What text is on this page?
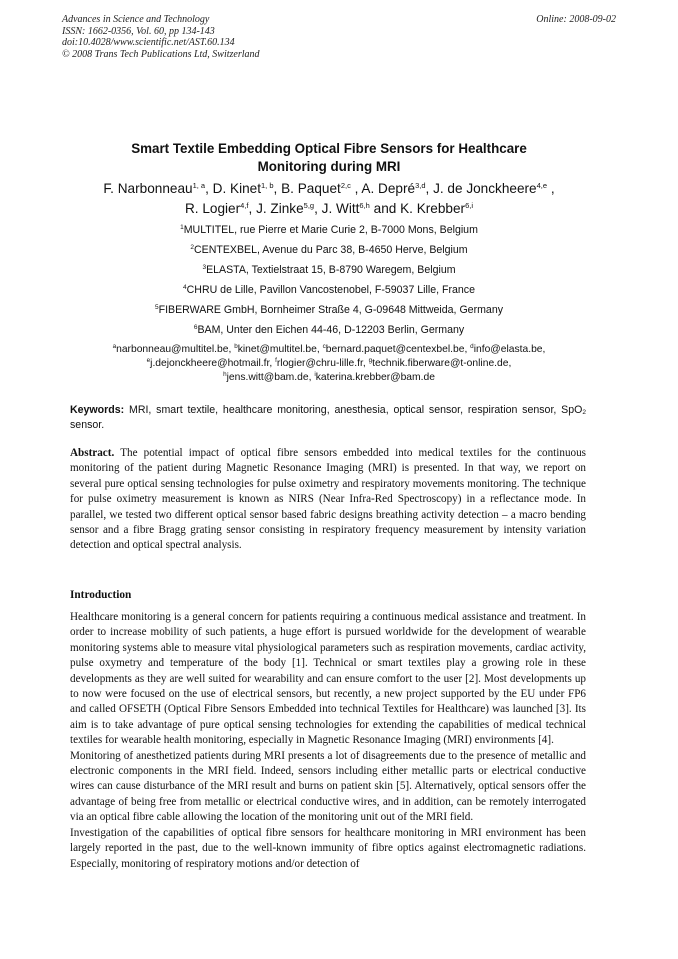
Advances in Science and Technology
ISSN: 1662-0356, Vol. 60, pp 134-143
doi:10.4028/www.scientific.net/AST.60.134
© 2008 Trans Tech Publications Ltd, Switzerland
Online: 2008-09-02
Smart Textile Embedding Optical Fibre Sensors for Healthcare
Monitoring during MRI
F. Narbonneau$^{1, a}$, D. Kinet$^{1, b}$, B. Paquet$^{2,c}$ , A. Depré$^{3,d}$, J. de Jonckheere$^{4,e}$ ,
R. Logier$^{4,f}$, J. Zinke$^{5,g}$, J. Witt$^{6,h}$ and K. Krebber$^{6,i}$
$^1$MULTITEL, rue Pierre et Marie Curie 2, B-7000 Mons, Belgium
$^2$CENTEXBEL, Avenue du Parc 38, B-4650 Herve, Belgium
$^3$ELASTA, Textielstraat 15, B-8790 Waregem, Belgium
$^4$CHRU de Lille, Pavillon Vancostenobel, F-59037 Lille, France
$^5$FIBERWARE GmbH, Bornheimer Straße 4, G-09648 Mittweida, Germany
$^6$BAM, Unter den Eichen 44-46, D-12203 Berlin, Germany
$^a$narbonneau@multitel.be, $^b$kinet@multitel.be, $^c$bernard.paquet@centexbel.be, $^d$info@elasta.be,
$^e$j.dejonckheere@hotmail.fr, $^f$rlogier@chru-lille.fr, $^g$technik.fiberware@t-online.de,
$^h$jens.witt@bam.de, $^i$katerina.krebber@bam.de
Keywords: MRI, smart textile, healthcare monitoring, anesthesia, optical sensor, respiration sensor, SpO$_2$ sensor.
Abstract. The potential impact of optical fibre sensors embedded into medical textiles for the continuous monitoring of the patient during Magnetic Resonance Imaging (MRI) is presented. In that way, we report on several pure optical sensing technologies for pulse oximetry and respiratory movements monitoring. The technique for pulse oximetry measurement is known as NIRS (Near Infra-Red Spectroscopy) in a reflectance mode. In parallel, we tested two different optical sensor based fabric designs breathing activity detection – a macro bending sensor and a fibre Bragg grating sensor consisting in respiratory frequency measurement by intensity variation detection and optical spectral analysis.
Introduction

Healthcare monitoring is a general concern for patients requiring a continuous medical assistance and treatment. In order to increase mobility of such patients, a huge effort is pursued worldwide for the development of wearable monitoring systems able to measure vital physiological parameters such as respiration movements, cardiac activity, pulse oxymetry and temperature of the body [1]. Technical or smart textiles play a growing role in these developments as they are well suited for wearability and can ensure comfort to the user [2]. Most developments up to now were focused on the use of electrical sensors, but recently, a new project supported by the EU under FP6 and called OFSETH (Optical Fibre Sensors Embedded into technical Textiles for Healthcare) was launched [3]. Its aim is to take advantage of pure optical sensing technologies for extending the capabilities of medical technical textiles for wearable health monitoring, especially in Magnetic Resonance Imaging (MRI) environments [4].

Monitoring of anesthetized patients during MRI presents a lot of disagreements due to the presence of metallic and electronic components in the MRI field. Indeed, sensors including either metallic parts or electrical conductive wires can cause disturbance of the MRI result and burns on patient skin [5]. Alternatively, optical sensors offer the advantage of being free from metallic or electrical conductive wires, and in addition, can be remotely interrogated via an optical fibre cable allowing the location of the monitoring unit out of the MRI field.

Investigation of the capabilities of optical fibre sensors for healthcare monitoring in MRI environment has been largely reported in the past, due to the well-known immunity of fibre optics against electromagnetic radiations. Especially, monitoring of respiratory motions and/or detection of
